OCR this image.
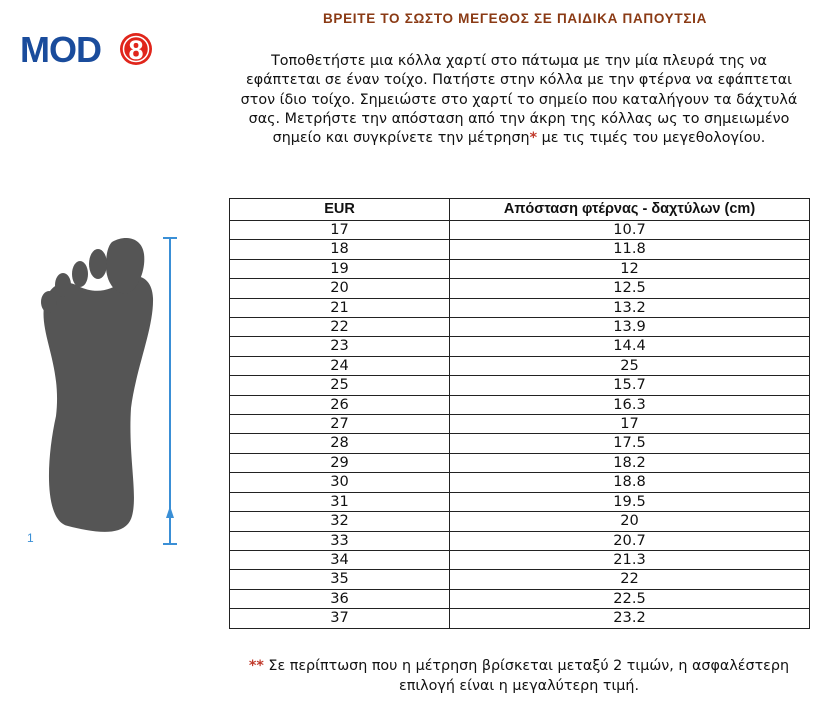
ΒΡΕΙΤΕ ΤΟ ΣΩΣΤΟ ΜΕΓΕΘΟΣ ΣΕ ΠΑΙΔΙΚΑ ΠΑΠΟΥΤΣΙΑ
MOD 8	Τοποθετήστε μια κόλλα χαρτί στο πάτωμα με την μία πλευρά της να εφάπτεται σε έναν τοίχο. Πατήστε στην κόλλα με την φτέρνα να εφάπτεται στον ίδιο τοίχο. Σημειώστε στο χαρτί το σημείο που καταλήγουν τα δάχτυλά σας. Μετρήστε την απόσταση από την άκρη της κόλλας ως το σημειωμένο σημείο και συγκρίνετε την μέτρηση* με τις τιμές του μεγεθολογίου.
1
EUR	Απόσταση φτέρνας - δαχτύλων (cm)
17	10.7
18	11.8
19	12
20	12.5
21	13.2
22	13.9
23	14.4
24	25
25	15.7
26	16.3
27	17
28	17.5
29	18.2
30	18.8
31	19.5
32	20
33	20.7
34	21.3
35	22
36	22.5
37	23.2
** Σε περίπτωση που η μέτρηση βρίσκεται μεταξύ 2 τιμών, η ασφαλέστερη επιλογή είναι η μεγαλύτερη τιμή.
